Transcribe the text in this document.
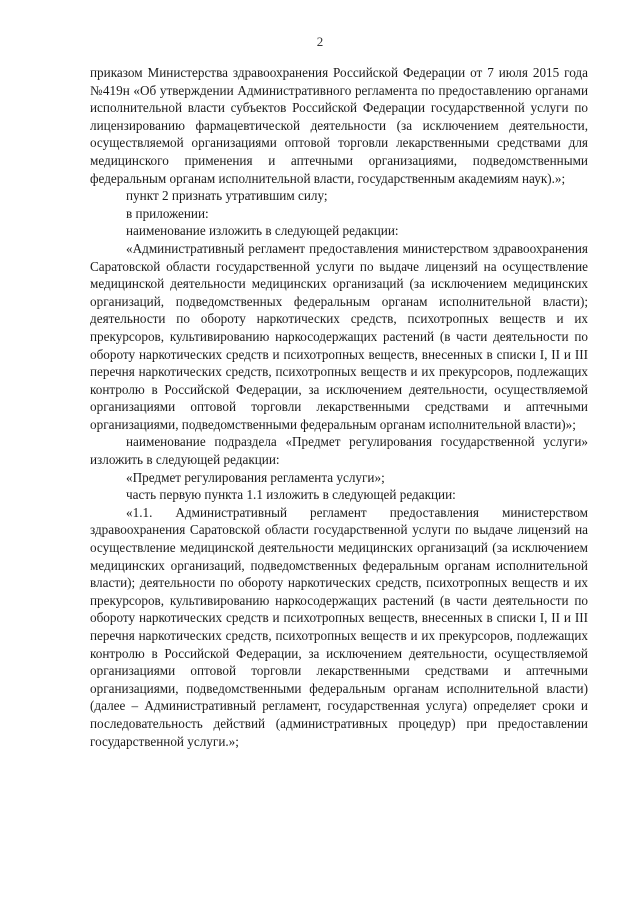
2

приказом Министерства здравоохранения Российской Федерации от 7 июля 2015 года №419н «Об утверждении Административного регламента по предоставлению органами исполнительной власти субъектов Российской Федерации государственной услуги по лицензированию фармацевтической деятельности (за исключением деятельности, осуществляемой организациями оптовой торговли лекарственными средствами для медицинского применения и аптечными организациями, подведомственными федеральным органам исполнительной власти, государственным академиям наук).»;

пункт 2 признать утратившим силу;

в приложении:

наименование изложить в следующей редакции:

«Административный регламент предоставления министерством здравоохранения Саратовской области государственной услуги по выдаче лицензий на осуществление медицинской деятельности медицинских организаций (за исключением медицинских организаций, подведомственных федеральным органам исполнительной власти); деятельности по обороту наркотических средств, психотропных веществ и их прекурсоров, культивированию наркосодержащих растений (в части деятельности по обороту наркотических средств и психотропных веществ, внесенных в списки I, II и III перечня наркотических средств, психотропных веществ и их прекурсоров, подлежащих контролю в Российской Федерации, за исключением деятельности, осуществляемой организациями оптовой торговли лекарственными средствами и аптечными организациями, подведомственными федеральным органам исполнительной власти)»;

наименование подраздела «Предмет регулирования государственной услуги» изложить в следующей редакции:

«Предмет регулирования регламента услуги»;

часть первую пункта 1.1 изложить в следующей редакции:

«1.1. Административный регламент предоставления министерством здравоохранения Саратовской области государственной услуги по выдаче лицензий на осуществление медицинской деятельности медицинских организаций (за исключением медицинских организаций, подведомственных федеральным органам исполнительной власти); деятельности по обороту наркотических средств, психотропных веществ и их прекурсоров, культивированию наркосодержащих растений (в части деятельности по обороту наркотических средств и психотропных веществ, внесенных в списки I, II и III перечня наркотических средств, психотропных веществ и их прекурсоров, подлежащих контролю в Российской Федерации, за исключением деятельности, осуществляемой организациями оптовой торговли лекарственными средствами и аптечными организациями, подведомственными федеральным органам исполнительной власти) (далее – Административный регламент, государственная услуга) определяет сроки и последовательность действий (административных процедур) при предоставлении государственной услуги.»;
